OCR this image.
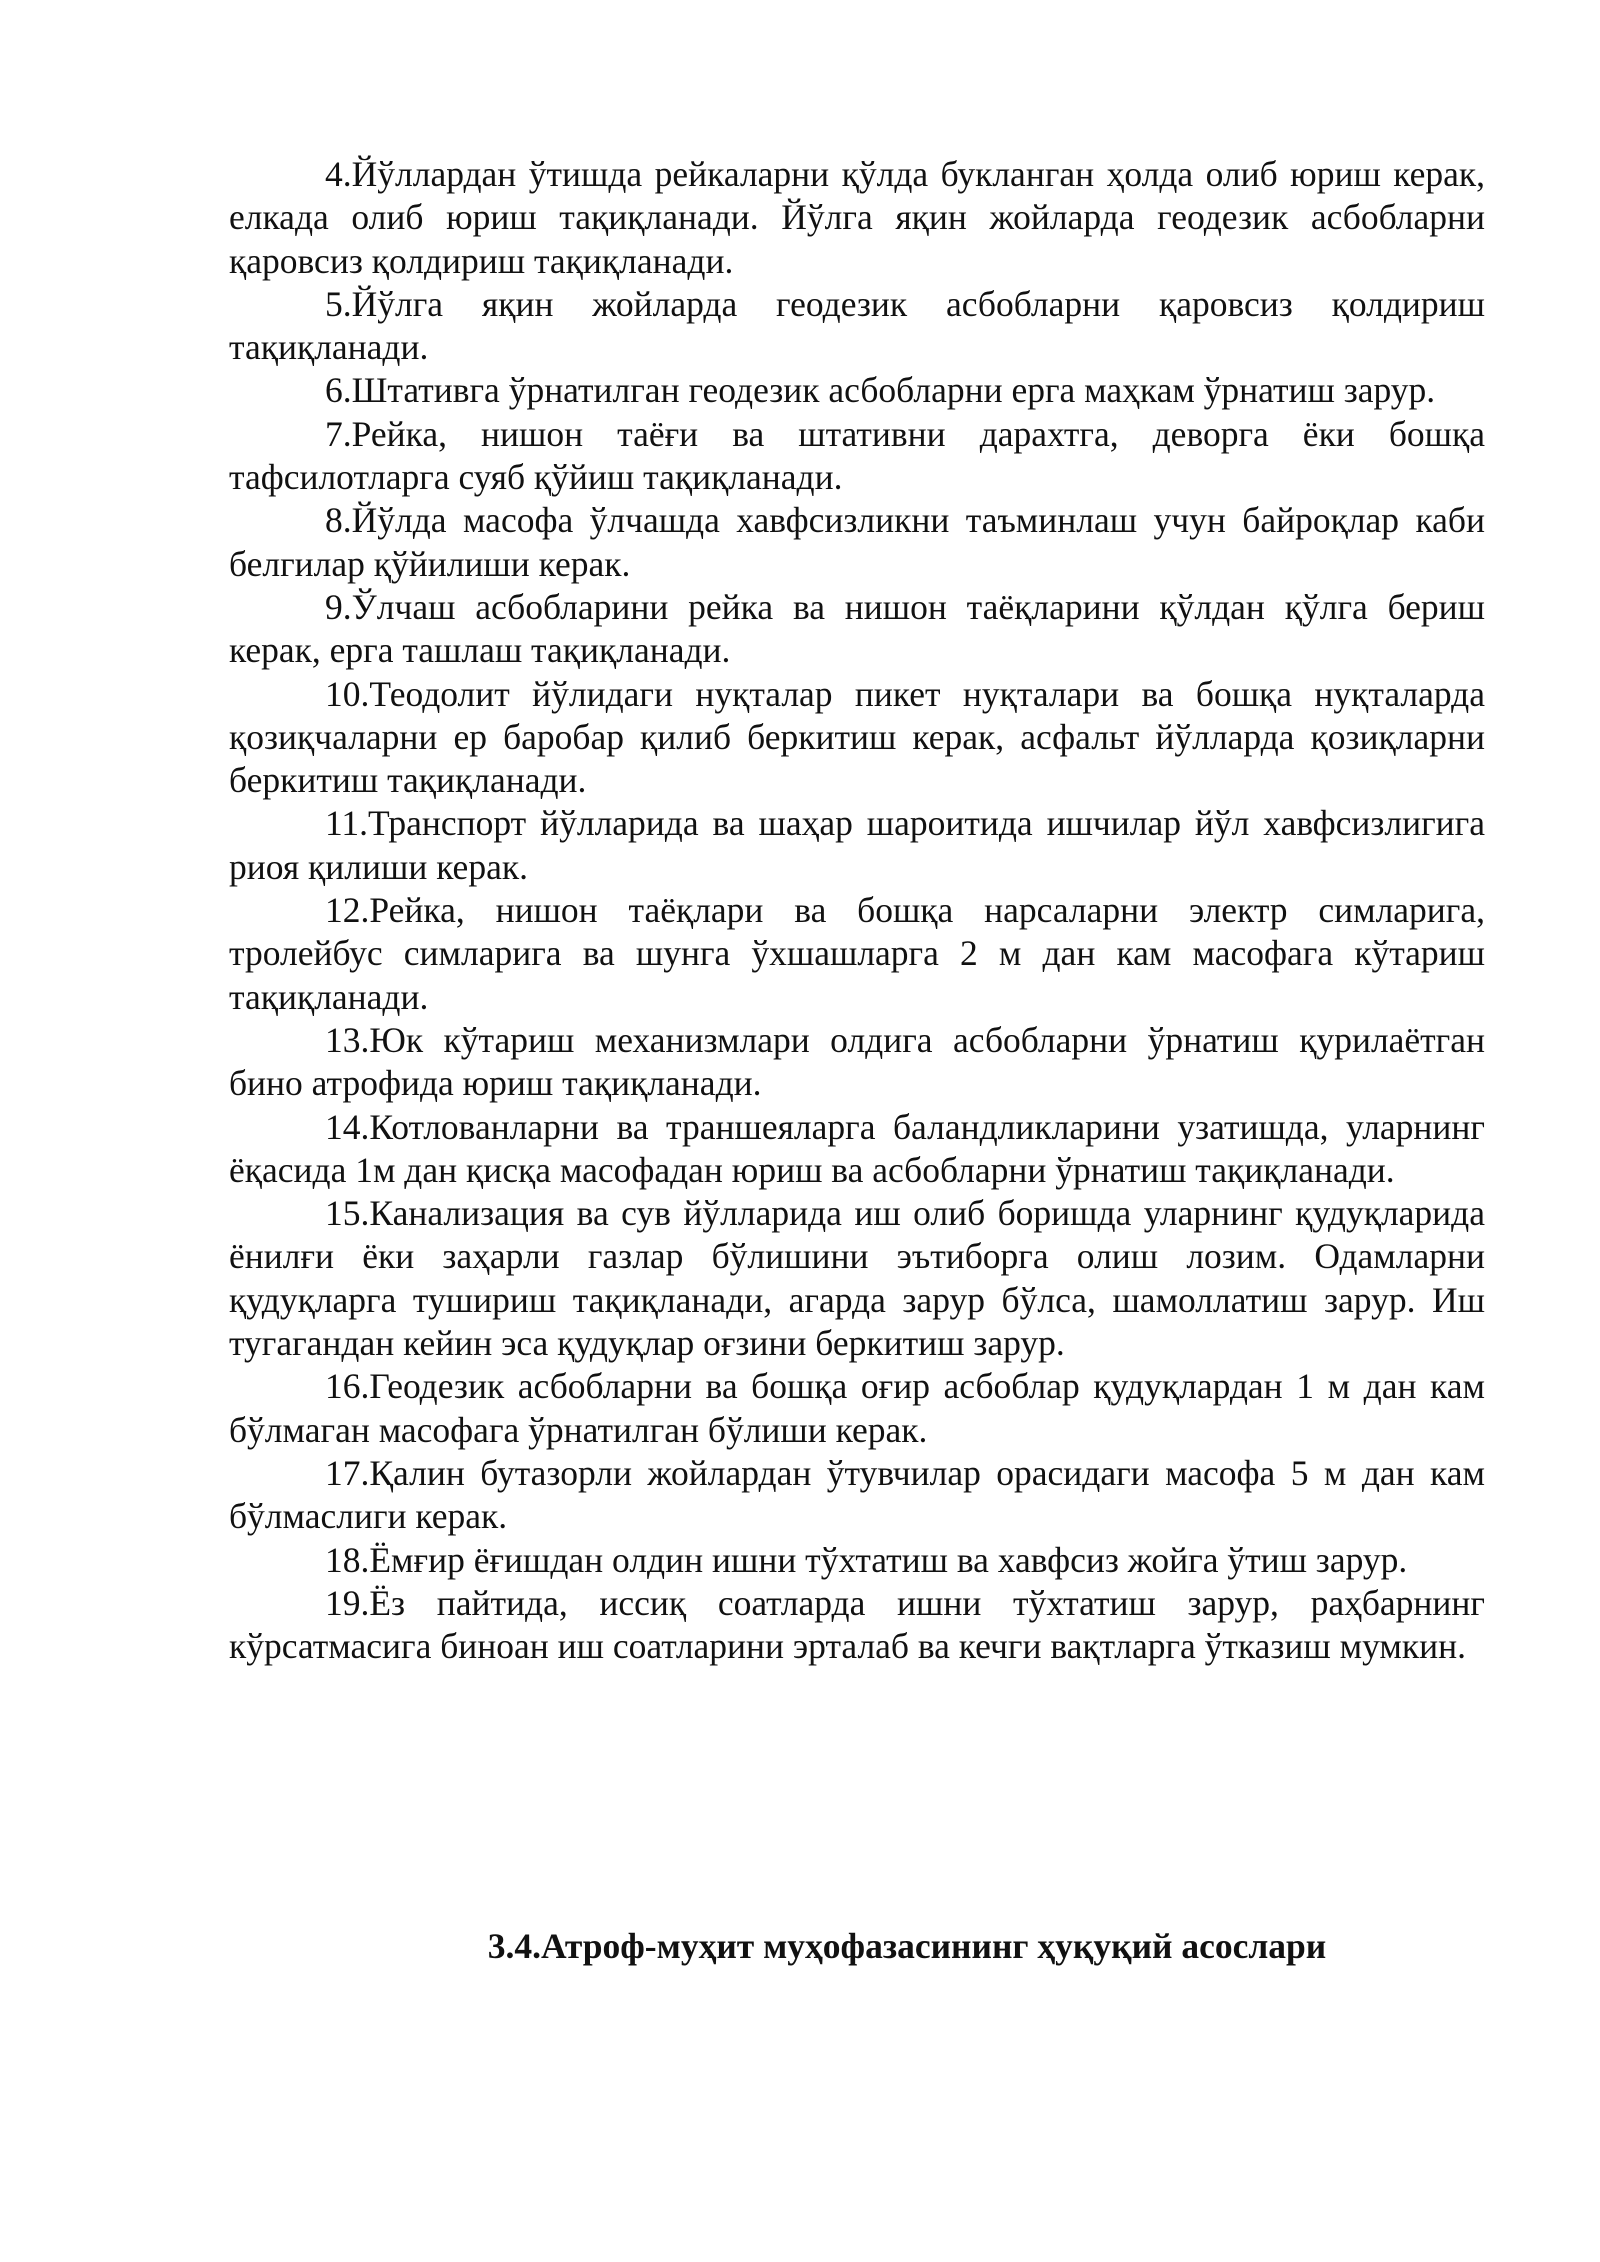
4.Йўллардан ўтишда рейкаларни қўлда букланган ҳолда олиб юриш керак, елкада олиб юриш тақиқланади. Йўлга яқин жойларда геодезик асбобларни қаровсиз қолдириш тақиқланади.

5.Йўлга яқин жойларда геодезик асбобларни қаровсиз қолдириш тақиқланади.

6.Штативга ўрнатилган геодезик асбобларни ерга маҳкам ўрнатиш зарур.

7.Рейка, нишон таёғи ва штативни дарахтга, деворга ёки бошқа тафсилотларга суяб қўйиш тақиқланади.

8.Йўлда масофа ўлчашда хавфсизликни таъминлаш учун байроқлар каби белгилар қўйилиши керак.

9.Ўлчаш асбобларини рейка ва нишон таёқларини қўлдан қўлга бериш керак, ерга ташлаш тақиқланади.

10.Теодолит йўлидаги нуқталар пикет нуқталари ва бошқа нуқталарда қозиқчаларни ер баробар қилиб беркитиш керак, асфальт йўлларда қозиқларни беркитиш тақиқланади.

11.Транспорт йўлларида ва шаҳар шароитида ишчилар йўл хавфсизлигига риоя қилиши керак.

12.Рейка, нишон таёқлари ва бошқа нарсаларни электр симларига, тролейбус симларига ва шунга ўхшашларга 2 м дан кам масофага кўтариш тақиқланади.

13.Юк кўтариш механизмлари олдига асбобларни ўрнатиш қурилаётган бино атрофида юриш тақиқланади.

14.Котлованларни ва траншеяларга баландликларини узатишда, уларнинг ёқасида 1м дан қисқа масофадан юриш ва асбобларни ўрнатиш тақиқланади.

15.Канализация ва сув йўлларида иш олиб боришда уларнинг қудуқларида ёнилғи ёки заҳарли газлар бўлишини эътиборга олиш лозим. Одамларни қудуқларга тушириш тақиқланади, агарда зарур бўлса, шамоллатиш зарур. Иш тугагандан кейин эса қудуқлар оғзини беркитиш зарур.

16.Геодезик асбобларни ва бошқа оғир асбоблар қудуқлардан 1 м дан кам бўлмаган масофага ўрнатилган бўлиши керак.

17.Қалин бутазорли жойлардан ўтувчилар орасидаги масофа 5 м дан кам бўлмаслиги керак.

18.Ёмғир ёғишдан олдин ишни тўхтатиш ва хавфсиз жойга ўтиш зарур.

19.Ёз пайтида, иссиқ соатларда ишни тўхтатиш зарур, раҳбарнинг кўрсатмасига биноан иш соатларини эрталаб ва кечги вақтларга ўтказиш мумкин.

3.4.Атроф-муҳит муҳофазасининг ҳуқуқий асослари
